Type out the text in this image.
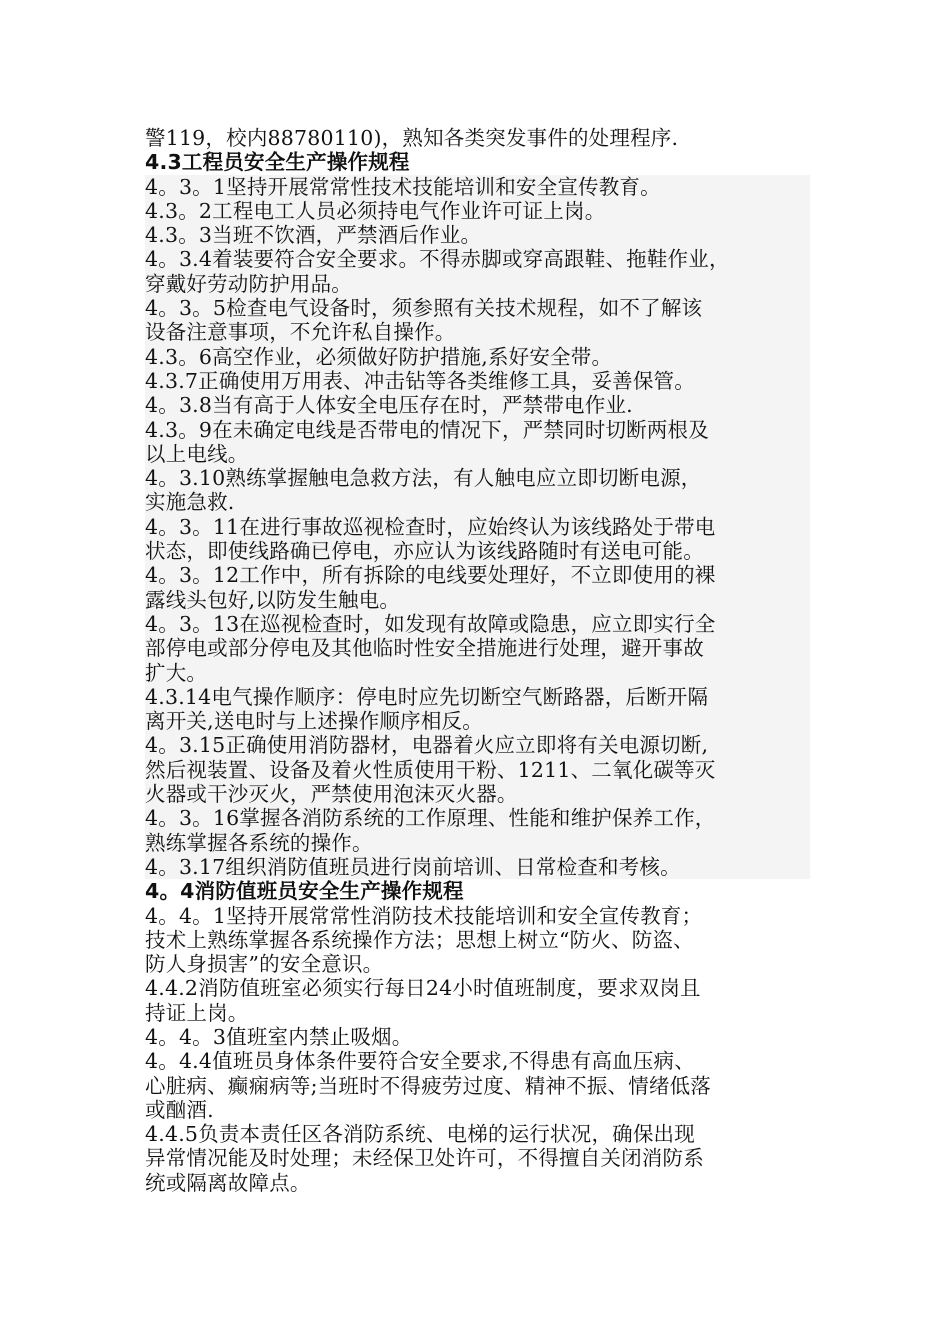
警119，校内88780110)，熟知各类突发事件的处理程序.
4.3工程员安全生产操作规程
4。3。1坚持开展常常性技术技能培训和安全宣传教育。
4.3。2工程电工人员必须持电气作业许可证上岗。
4.3。3当班不饮酒，严禁酒后作业。
4。3.4着装要符合安全要求。不得赤脚或穿高跟鞋、拖鞋作业，
穿戴好劳动防护用品。
4。3。5检查电气设备时，须参照有关技术规程，如不了解该
设备注意事项，不允许私自操作。
4.3。6高空作业，必须做好防护措施,系好安全带。
4.3.7正确使用万用表、冲击钻等各类维修工具，妥善保管。
4。3.8当有高于人体安全电压存在时，严禁带电作业.
4.3。9在未确定电线是否带电的情况下，严禁同时切断两根及
以上电线。
4。3.10熟练掌握触电急救方法，有人触电应立即切断电源，
实施急救.
4。3。11在进行事故巡视检查时，应始终认为该线路处于带电
状态，即使线路确已停电，亦应认为该线路随时有送电可能。
4。3。12工作中，所有拆除的电线要处理好，不立即使用的裸
露线头包好,以防发生触电。
4。3。13在巡视检查时，如发现有故障或隐患，应立即实行全
部停电或部分停电及其他临时性安全措施进行处理，避开事故
扩大。
4.3.14电气操作顺序：停电时应先切断空气断路器，后断开隔
离开关,送电时与上述操作顺序相反。
4。3.15正确使用消防器材，电器着火应立即将有关电源切断,
然后视装置、设备及着火性质使用干粉、1211、二氧化碳等灭
火器或干沙灭火，严禁使用泡沫灭火器。
4。3。16掌握各消防系统的工作原理、性能和维护保养工作，
熟练掌握各系统的操作。
4。3.17组织消防值班员进行岗前培训、日常检查和考核。
4。4消防值班员安全生产操作规程
4。4。1坚持开展常常性消防技术技能培训和安全宣传教育；
技术上熟练掌握各系统操作方法；思想上树立“防火、防盗、
防人身损害”的安全意识。
4.4.2消防值班室必须实行每日24小时值班制度，要求双岗且
持证上岗。
4。4。3值班室内禁止吸烟。
4。4.4值班员身体条件要符合安全要求,不得患有高血压病、
心脏病、癫痫病等;当班时不得疲劳过度、精神不振、情绪低落
或酗酒.
4.4.5负责本责任区各消防系统、电梯的运行状况，确保出现
异常情况能及时处理；未经保卫处许可，不得擅自关闭消防系
统或隔离故障点。
